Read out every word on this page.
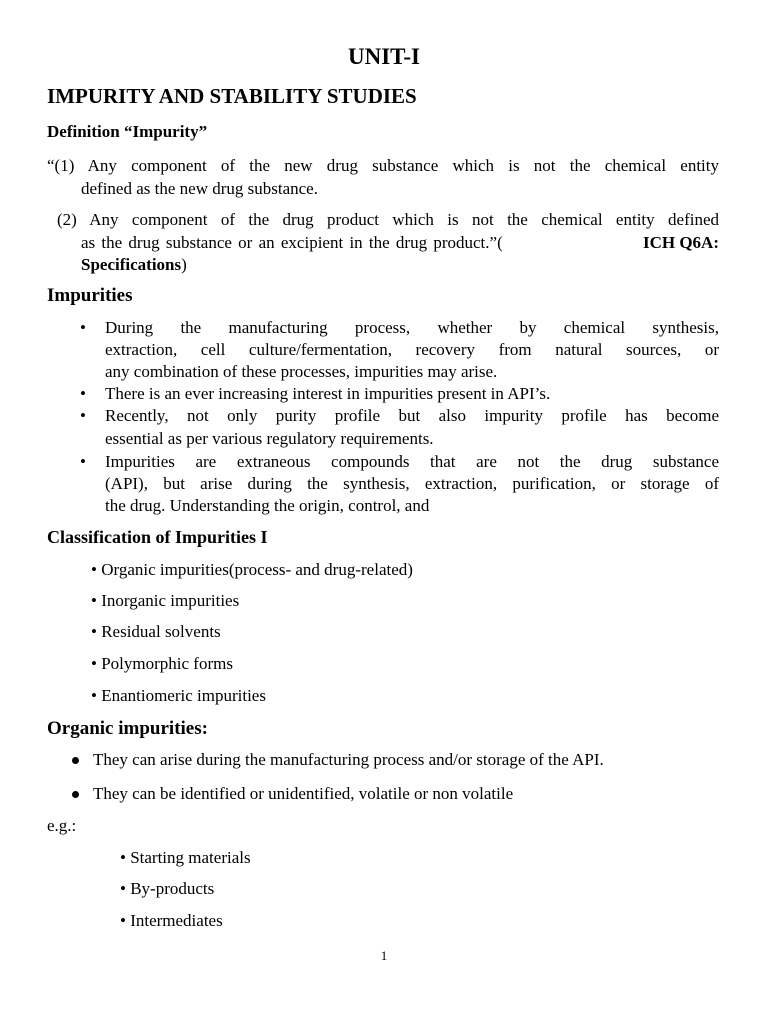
UNIT-I
IMPURITY AND STABILITY STUDIES
Definition “Impurity”
“(1) Any component of the new drug substance which is not the chemical entity
defined as the new drug substance.
(2) Any component of the drug product which is not the chemical entity defined
as the drug substance or an excipient in the drug product.”(	ICH Q6A:
Specifications)
Impurities
• During the manufacturing process, whether by chemical synthesis,
extraction, cell culture/fermentation, recovery from natural sources, or
any combination of these processes, impurities may arise.
• There is an ever increasing interest in impurities present in API’s.
• Recently, not only purity profile but also impurity profile has become
essential as per various regulatory requirements.
• Impurities are extraneous compounds that are not the drug substance
(API), but arise during the synthesis, extraction, purification, or storage of
the drug. Understanding the origin, control, and
Classification of Impurities I
• Organic impurities(process- and drug-related)
• Inorganic impurities
• Residual solvents
• Polymorphic forms
• Enantiomeric impurities
Organic impurities:
They can arise during the manufacturing process and/or storage of the API.
They can be identified or unidentified, volatile or non volatile
e.g.:
• Starting materials
• By-products
• Intermediates
1
